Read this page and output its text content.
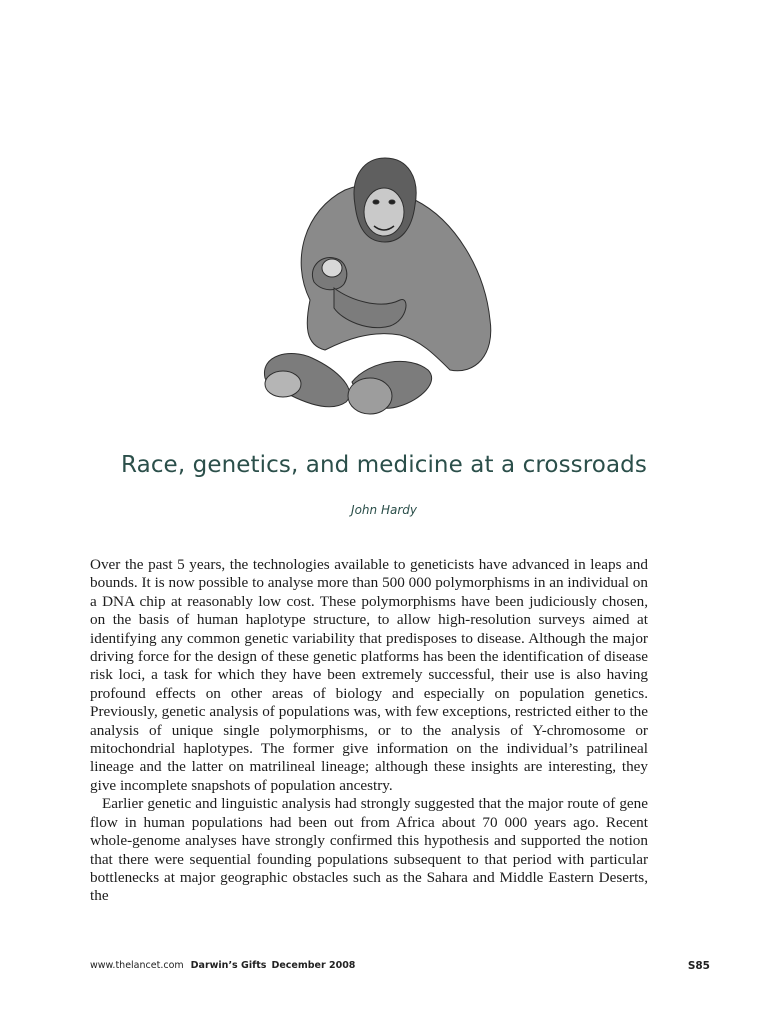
Race, genetics, and medicine at a crossroads
John Hardy

Over the past 5 years, the technologies available to geneticists have advanced in leaps and bounds. It is now possible to analyse more than 500 000 polymorphisms in an individual on a DNA chip at reasonably low cost. These polymorphisms have been judiciously chosen, on the basis of human haplotype structure, to allow high-resolution surveys aimed at identifying any common genetic variability that predisposes to disease. Although the major driving force for the design of these genetic platforms has been the identification of disease risk loci, a task for which they have been extremely successful, their use is also having profound effects on other areas of biology and especially on population genetics. Previously, genetic analysis of populations was, with few exceptions, restricted either to the analysis of unique single polymorphisms, or to the analysis of Y-chromosome or mitochondrial haplotypes. The former give information on the individual’s patrilineal lineage and the latter on matrilineal lineage; although these insights are interesting, they give incomplete snapshots of population ancestry.

Earlier genetic and linguistic analysis had strongly suggested that the major route of gene flow in human populations had been out from Africa about 70 000 years ago. Recent whole-genome analyses have strongly confirmed this hypothesis and supported the notion that there were sequential founding populations subsequent to that period with particular bottlenecks at major geographic obstacles such as the Sahara and Middle Eastern Deserts, the

www.thelancet.com Darwin’s Gifts December 2008	S85
